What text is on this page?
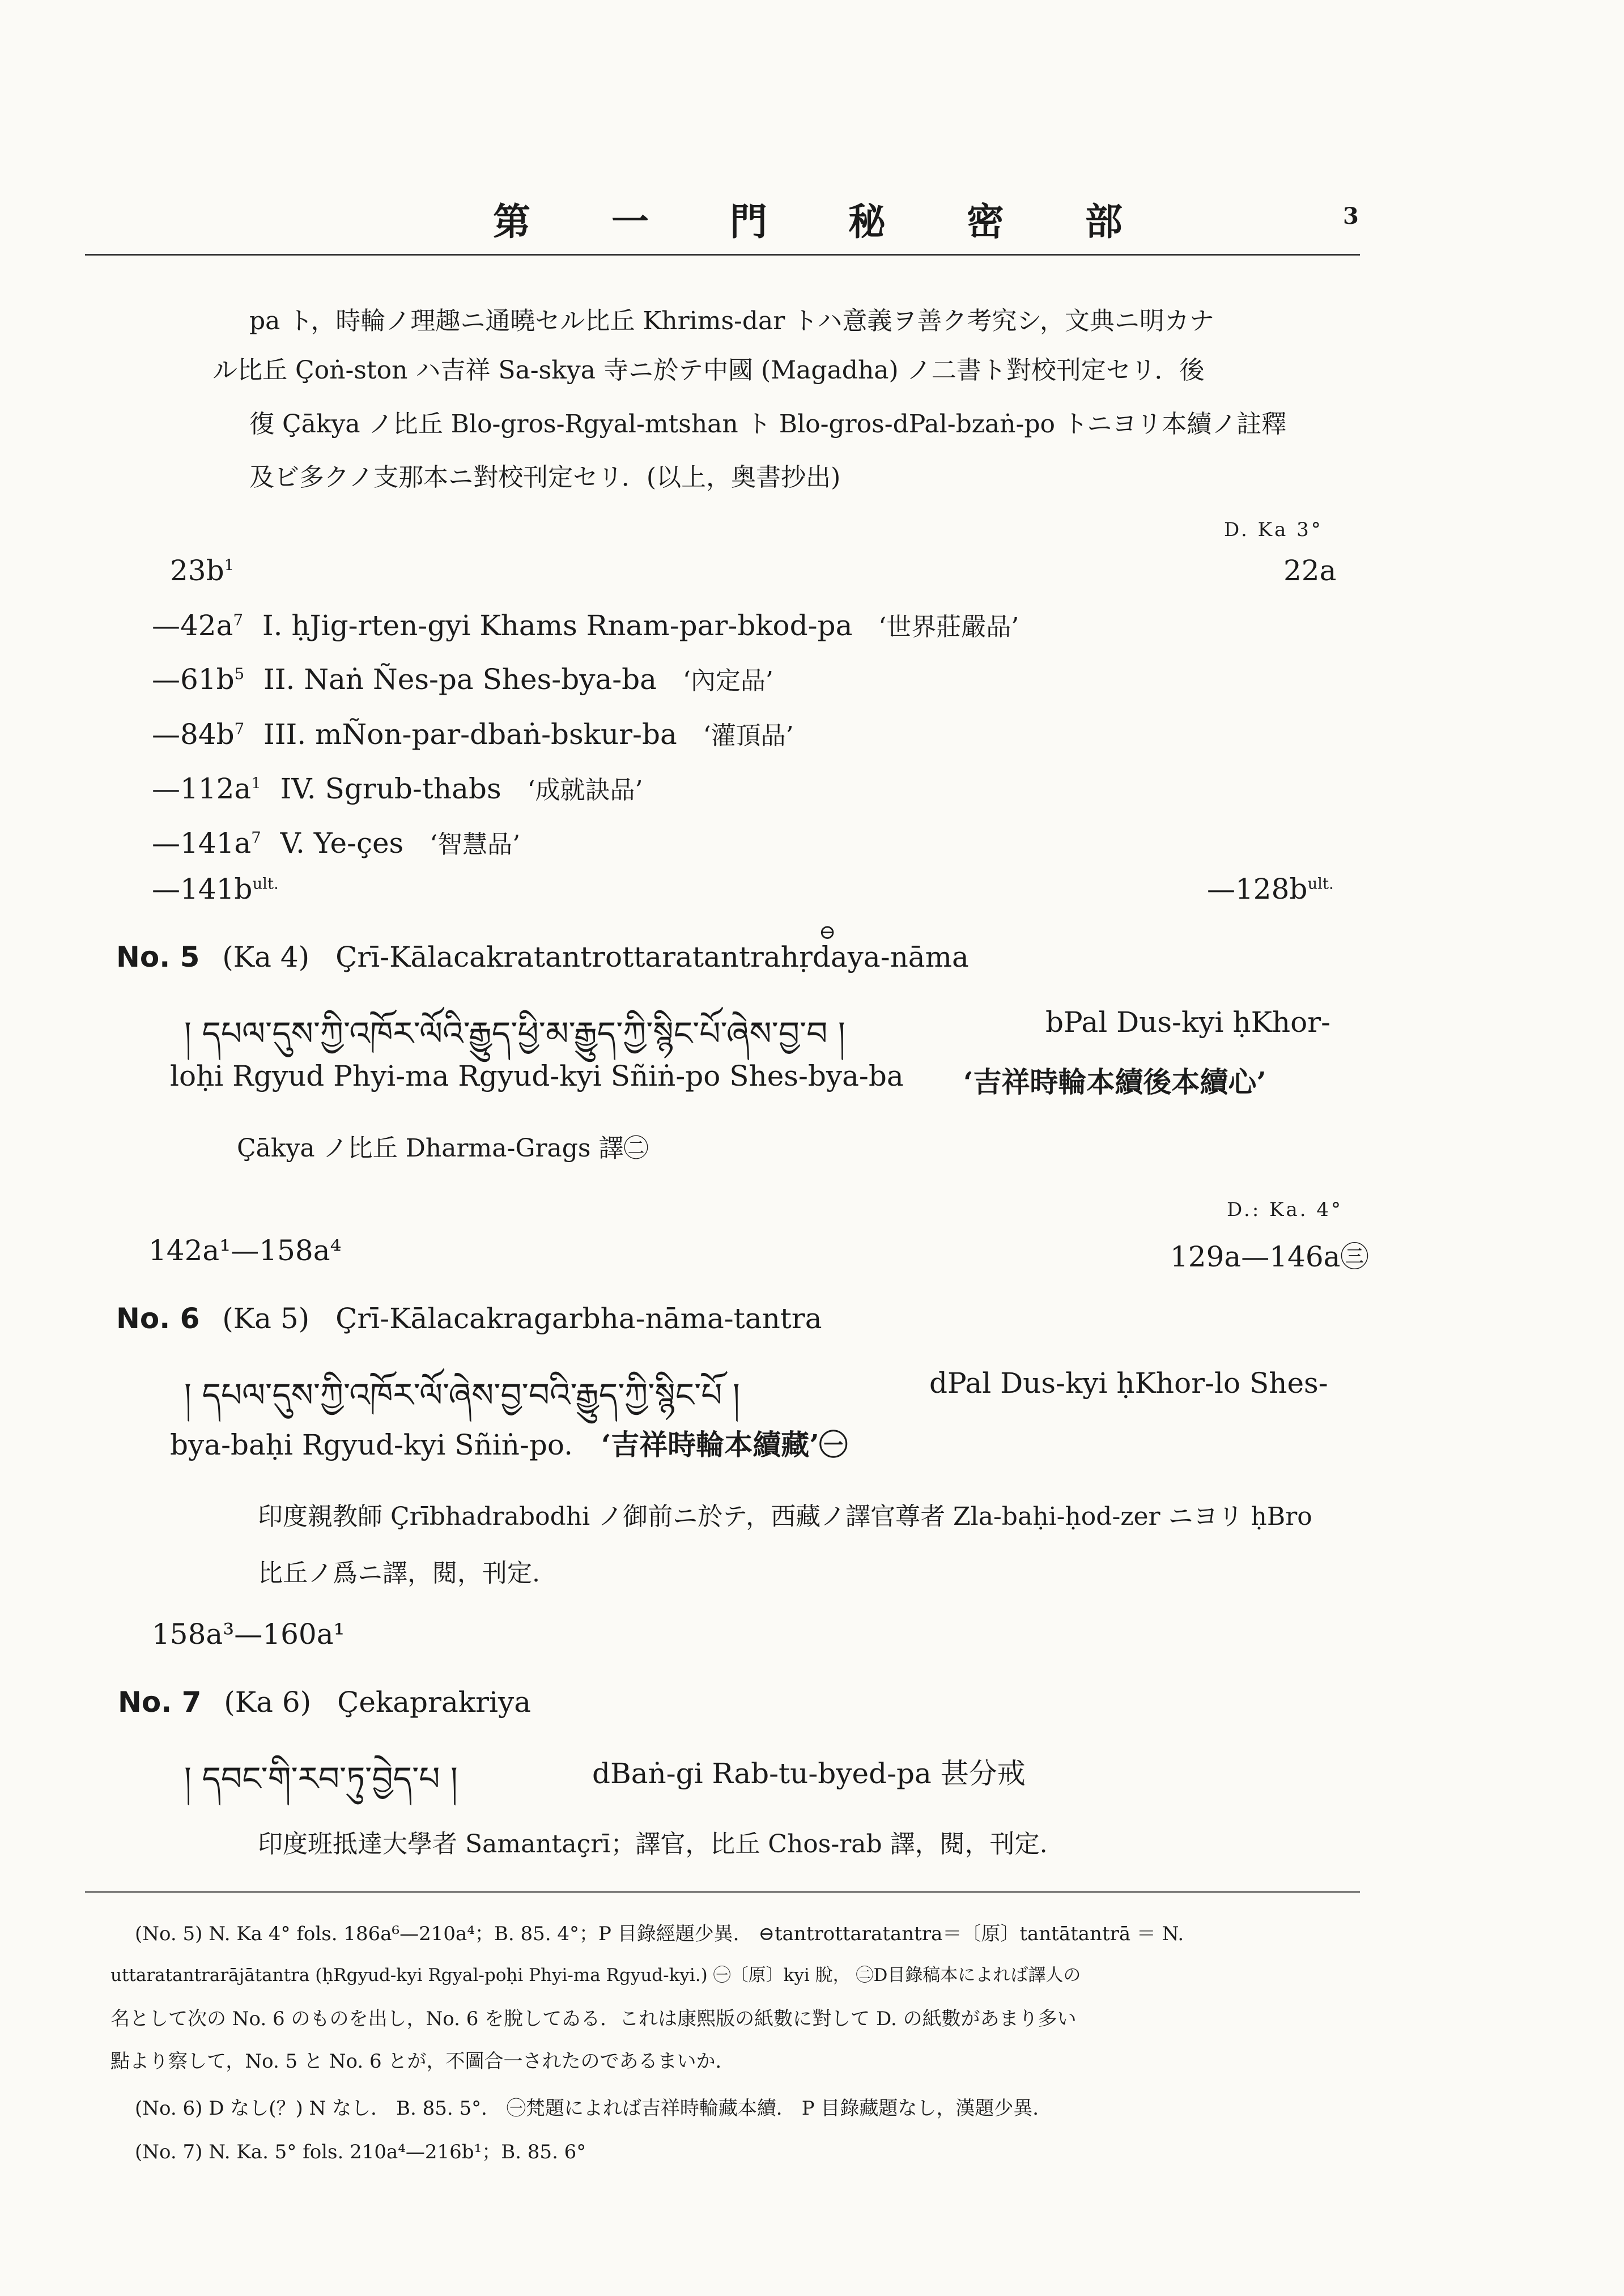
第 一 門 秘 密 部	3
pa ト，時輪ノ理趣ニ通曉セル比丘 Khrims-dar トハ意義ヲ善ク考究シ，文典ニ明カナ
ル比丘 Çoṅ-ston ハ吉祥 Sa-skya 寺ニ於テ中國 (Magadha) ノ二書ト對校刊定セリ．後
復 Çākya ノ比丘 Blo-gros-Rgyal-mtshan ト Blo-gros-dPal-bzaṅ-po トニヨリ本續ノ註釋
及ビ多クノ支那本ニ對校刊定セリ．(以上，奥書抄出)
D. Ka 3°
$23b^1$	22a
$—42a^7$ I. ḥJig-rten-gyi Khams Rnam-par-bkod-pa ‘世界莊嚴品’
$—61b^5$ II. Naṅ Ñes-pa Shes-bya-ba ‘內定品’
$—84b^7$ III. mÑon-par-dbaṅ-bskur-ba ‘灌頂品’
$—112a^1$ IV. Sgrub-thabs ‘成就訣品’
$—141a^7$ V. Ye-çes ‘智慧品’
$—141b^{ult.}$	$—128b^{ult.}$
⊖
No. 5 (Ka 4) Çrī-Kālacakratantrottaratantrahṛdaya-nāma
། དཔལ་དུས་ཀྱི་འཁོར་ལོའི་རྒྱུད་ཕྱི་མ་རྒྱུད་ཀྱི་སྙིང་པོ་ཞེས་བྱ་བ །	bPal Dus-kyi ḥKhor-
loḥi Rgyud Phyi-ma Rgyud-kyi Sñiṅ-po Shes-bya-ba ‘吉祥時輪本續後本續心’
Çākya ノ比丘 Dharma-Grags 譯㊁
D.: Ka. 4°
142a¹—158a⁴	129a—146a㊂
No. 6 (Ka 5) Çrī-Kālacakragarbha-nāma-tantra
། དཔལ་དུས་ཀྱི་འཁོར་ལོ་ཞེས་བྱ་བའི་རྒྱུད་ཀྱི་སྙིང་པོ །	dPal Dus-kyi ḥKhor-lo Shes-
bya-baḥi Rgyud-kyi Sñiṅ-po. ‘吉祥時輪本續藏’㊀
印度親教師 Çrībhadrabodhi ノ御前ニ於テ，西藏ノ譯官尊者 Zla-baḥi-ḥod-zer ニヨリ ḥBro
比丘ノ爲ニ譯，閱，刊定.
158a³—160a¹
No. 7 (Ka 6) Çekaprakriya
། དབང་གི་རབ་ཏུ་བྱེད་པ །	dBaṅ-gi Rab-tu-byed-pa 甚分戒
印度班抵達大學者 Samantaçrī；譯官，比丘 Chos-rab 譯，閱，刊定.
(No. 5) N. Ka 4° fols. 186a⁶—210a⁴；B. 85. 4°；P 目錄經題少異． ⊖tantrottaratantra＝〔原〕tantātantrā ＝ N.
uttaratantrarājātantra (ḥRgyud-kyi Rgyal-poḥi Phyi-ma Rgyud-kyi.) ㊀〔原〕kyi 脫， ㊁D目錄稿本によれば譯人の
名として次の No. 6 のものを出し，No. 6 を脫してゐる．これは康熙版の紙數に對して D. の紙數があまり多い
點より察して，No. 5 と No. 6 とが，不圖合一されたのであるまいか．
(No. 6) D なし(？) N なし． B. 85. 5°． ㊀梵題によれば吉祥時輪藏本續． P 目錄藏題なし，漢題少異．
(No. 7) N. Ka. 5° fols. 210a⁴—216b¹；B. 85. 6°
